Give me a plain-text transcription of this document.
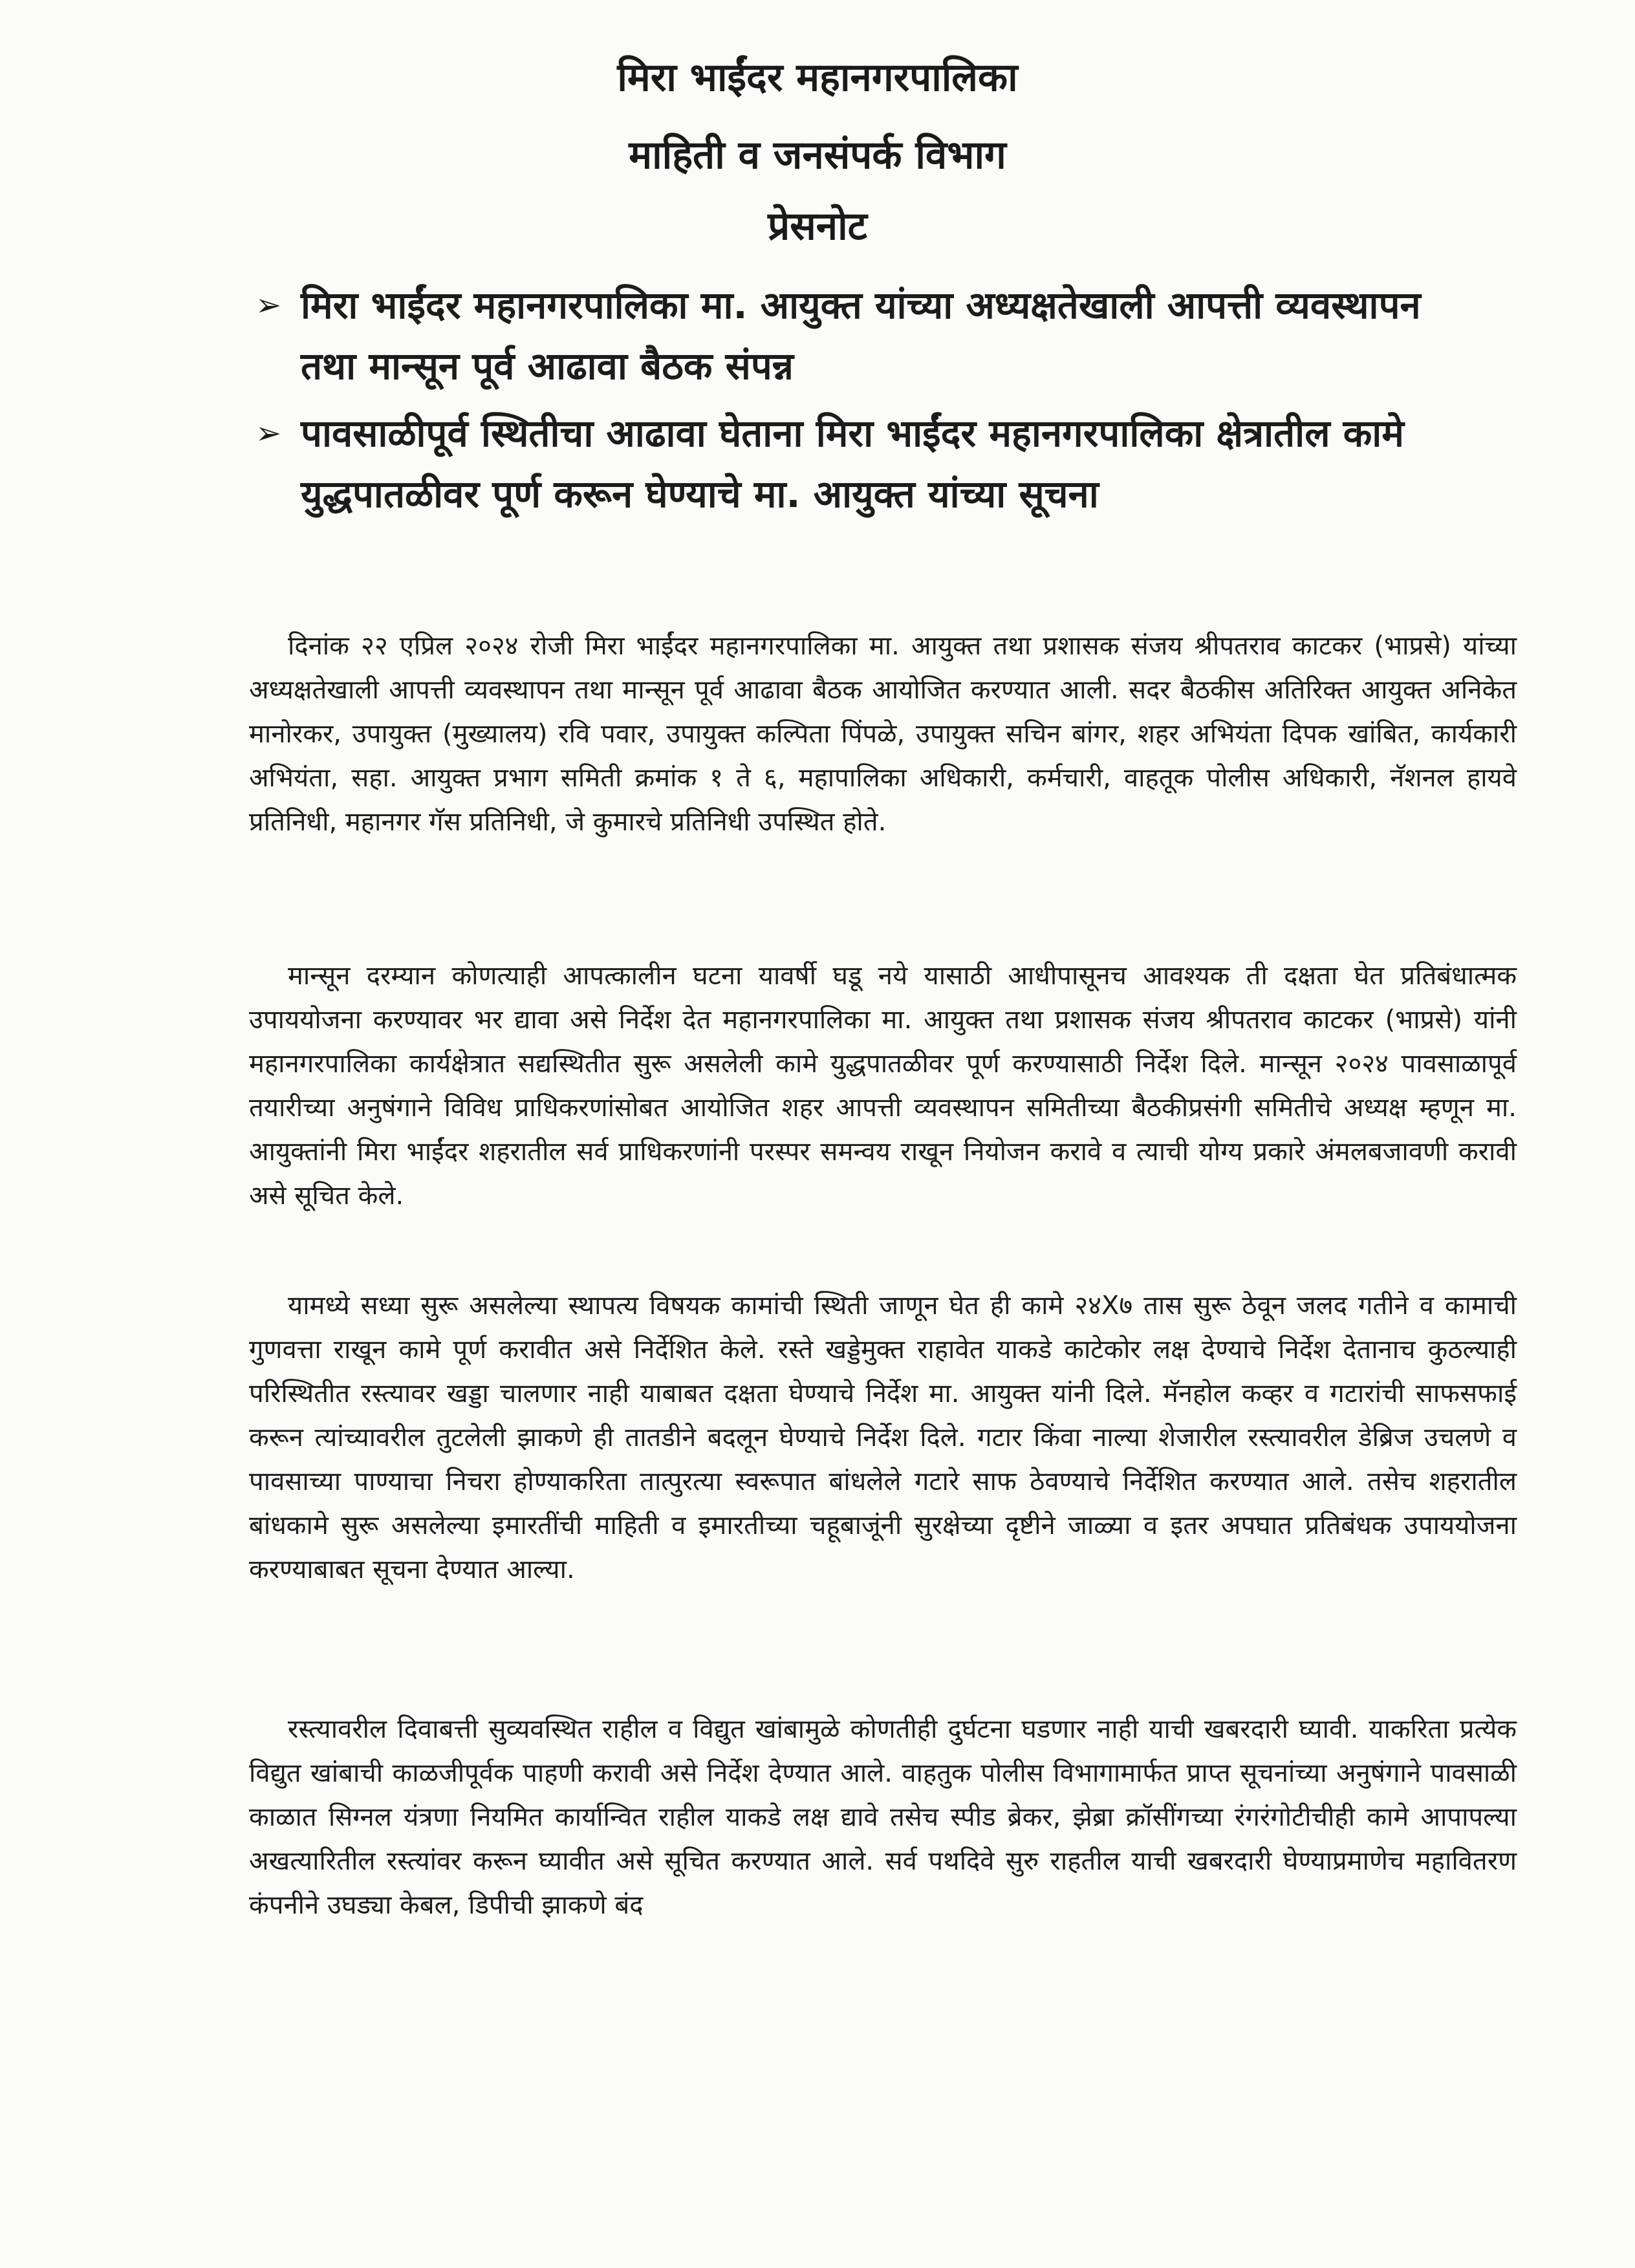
मिरा भाईंदर महानगरपालिका
माहिती व जनसंपर्क विभाग
प्रेसनोट
➢ मिरा भाईंदर महानगरपालिका मा. आयुक्त यांच्या अध्यक्षतेखाली आपत्ती व्यवस्थापन तथा मान्सून पूर्व आढावा बैठक संपन्न
➢ पावसाळीपूर्व स्थितीचा आढावा घेताना मिरा भाईंदर महानगरपालिका क्षेत्रातील कामे युद्धपातळीवर पूर्ण करून घेण्याचे मा. आयुक्त यांच्या सूचना

दिनांक २२ एप्रिल २०२४ रोजी मिरा भाईंदर महानगरपालिका मा. आयुक्त तथा प्रशासक संजय श्रीपतराव काटकर (भाप्रसे) यांच्या अध्यक्षतेखाली आपत्ती व्यवस्थापन तथा मान्सून पूर्व आढावा बैठक आयोजित करण्यात आली. सदर बैठकीस अतिरिक्त आयुक्त अनिकेत मानोरकर, उपायुक्त (मुख्यालय) रवि पवार, उपायुक्त कल्पिता पिंपळे, उपायुक्त सचिन बांगर, शहर अभियंता दिपक खांबित, कार्यकारी अभियंता, सहा. आयुक्त प्रभाग समिती क्रमांक १ ते ६, महापालिका अधिकारी, कर्मचारी, वाहतूक पोलीस अधिकारी, नॅशनल हायवे प्रतिनिधी, महानगर गॅस प्रतिनिधी, जे कुमारचे प्रतिनिधी उपस्थित होते.

मान्सून दरम्यान कोणत्याही आपत्कालीन घटना यावर्षी घडू नये यासाठी आधीपासूनच आवश्यक ती दक्षता घेत प्रतिबंधात्मक उपाययोजना करण्यावर भर द्यावा असे निर्देश देत महानगरपालिका मा. आयुक्त तथा प्रशासक संजय श्रीपतराव काटकर (भाप्रसे) यांनी महानगरपालिका कार्यक्षेत्रात सद्यस्थितीत सुरू असलेली कामे युद्धपातळीवर पूर्ण करण्यासाठी निर्देश दिले. मान्सून २०२४ पावसाळापूर्व तयारीच्या अनुषंगाने विविध प्राधिकरणांसोबत आयोजित शहर आपत्ती व्यवस्थापन समितीच्या बैठकीप्रसंगी समितीचे अध्यक्ष म्हणून मा. आयुक्तांनी मिरा भाईंदर शहरातील सर्व प्राधिकरणांनी परस्पर समन्वय राखून नियोजन करावे व त्याची योग्य प्रकारे अंमलबजावणी करावी असे सूचित केले.

यामध्ये सध्या सुरू असलेल्या स्थापत्य विषयक कामांची स्थिती जाणून घेत ही कामे २४X७ तास सुरू ठेवून जलद गतीने व कामाची गुणवत्ता राखून कामे पूर्ण करावीत असे निर्देशित केले. रस्ते खड्डेमुक्त राहावेत याकडे काटेकोर लक्ष देण्याचे निर्देश देतानाच कुठल्याही परिस्थितीत रस्त्यावर खड्डा चालणार नाही याबाबत दक्षता घेण्याचे निर्देश मा. आयुक्त यांनी दिले. मॅनहोल कव्हर व गटारांची साफसफाई करून त्यांच्यावरील तुटलेली झाकणे ही तातडीने बदलून घेण्याचे निर्देश दिले. गटार किंवा नाल्या शेजारील रस्त्यावरील डेब्रिज उचलणे व पावसाच्या पाण्याचा निचरा होण्याकरिता तात्पुरत्या स्वरूपात बांधलेले गटारे साफ ठेवण्याचे निर्देशित करण्यात आले. तसेच शहरातील बांधकामे सुरू असलेल्या इमारतींची माहिती व इमारतीच्या चहूबाजूंनी सुरक्षेच्या दृष्टीने जाळ्या व इतर अपघात प्रतिबंधक उपाययोजना करण्याबाबत सूचना देण्यात आल्या.

रस्त्यावरील दिवाबत्ती सुव्यवस्थित राहील व विद्युत खांबामुळे कोणतीही दुर्घटना घडणार नाही याची खबरदारी घ्यावी. याकरिता प्रत्येक विद्युत खांबाची काळजीपूर्वक पाहणी करावी असे निर्देश देण्यात आले. वाहतुक पोलीस विभागामार्फत प्राप्त सूचनांच्या अनुषंगाने पावसाळी काळात सिग्नल यंत्रणा नियमित कार्यान्वित राहील याकडे लक्ष द्यावे तसेच स्पीड ब्रेकर, झेब्रा क्रॉसींगच्या रंगरंगोटीचीही कामे आपापल्या अखत्यारितील रस्त्यांवर करून घ्यावीत असे सूचित करण्यात आले. सर्व पथदिवे सुरु राहतील याची खबरदारी घेण्याप्रमाणेच महावितरण कंपनीने उघड्या केबल, डिपीची झाकणे बंद
